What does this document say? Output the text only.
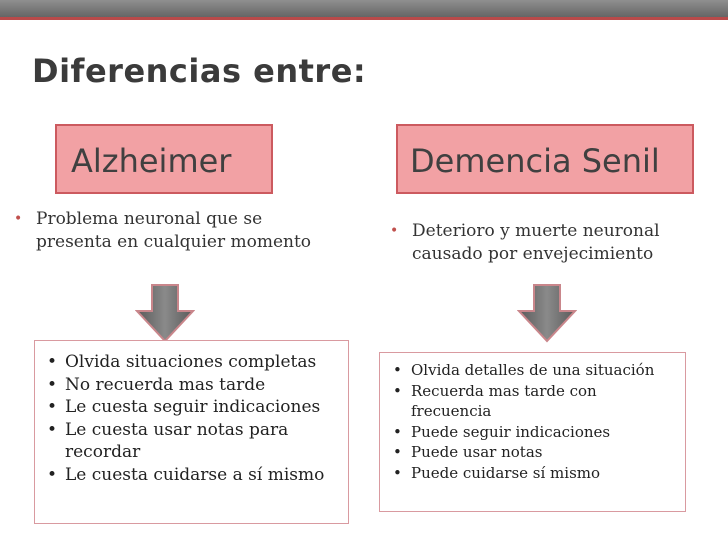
Diferencias entre:
Alzheimer	Demencia Senil
• Problema neuronal que se presenta en cualquier momento
• Deterioro y muerte neuronal causado por envejecimiento
• Olvida situaciones completas
• No recuerda mas tarde
• Le cuesta seguir indicaciones
• Le cuesta usar notas para recordar
• Le cuesta cuidarse a sí mismo
• Olvida detalles de una situación
• Recuerda mas tarde con frecuencia
• Puede seguir indicaciones
• Puede usar notas
• Puede cuidarse sí mismo
